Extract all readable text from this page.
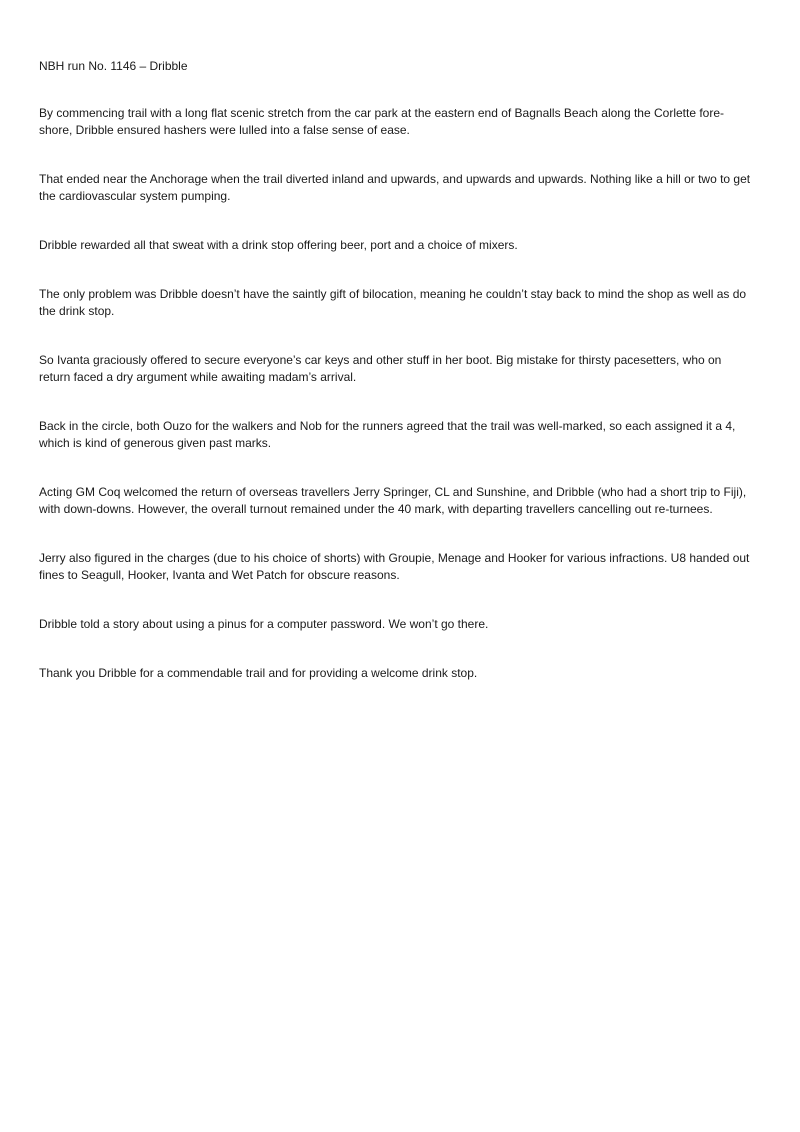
NBH run No. 1146 – Dribble

By commencing trail with a long flat scenic stretch from the car park at the eastern end of Bagnalls Beach along the Corlette fore-shore, Dribble ensured hashers were lulled into a false sense of ease.

That ended near the Anchorage when the trail diverted inland and upwards, and upwards and upwards. Nothing like a hill or two to get the cardiovascular system pumping.

Dribble rewarded all that sweat with a drink stop offering beer, port and a choice of mixers.

The only problem was Dribble doesn’t have the saintly gift of bilocation, meaning he couldn’t stay back to mind the shop as well as do the drink stop.

So Ivanta graciously offered to secure everyone’s car keys and other stuff in her boot. Big mistake for thirsty pacesetters, who on return faced a dry argument while awaiting madam’s arrival.

Back in the circle, both Ouzo for the walkers and Nob for the runners agreed that the trail was well-marked, so each assigned it a 4, which is kind of generous given past marks.

Acting GM Coq welcomed the return of overseas travellers Jerry Springer, CL and Sunshine, and Dribble (who had a short trip to Fiji), with down-downs. However, the overall turnout remained under the 40 mark, with departing travellers cancelling out re-turnees.

Jerry also figured in the charges (due to his choice of shorts) with Groupie, Menage and Hooker for various infractions. U8 handed out fines to Seagull, Hooker, Ivanta and Wet Patch for obscure reasons.

Dribble told a story about using a pinus for a computer password. We won’t go there.

Thank you Dribble for a commendable trail and for providing a welcome drink stop.
